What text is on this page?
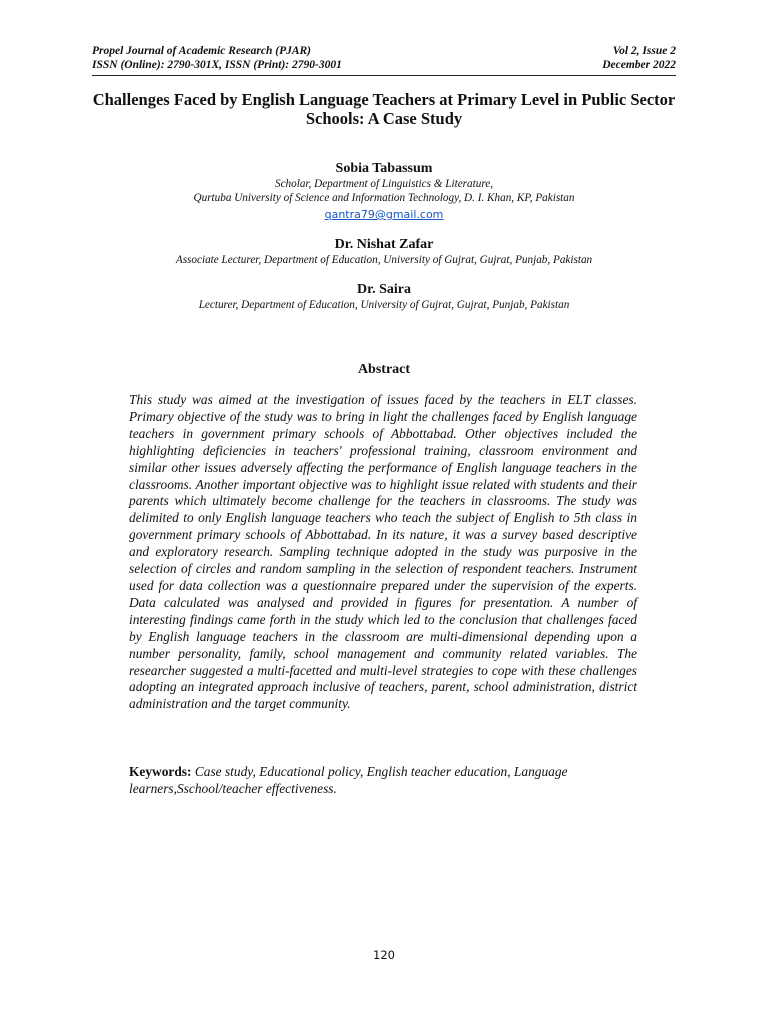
Propel Journal of Academic Research (PJAR)	Vol 2, Issue 2
ISSN (Online): 2790-301X, ISSN (Print): 2790-3001	December 2022
Challenges Faced by English Language Teachers at Primary Level in Public Sector Schools: A Case Study
Sobia Tabassum
Scholar, Department of Linguistics & Literature,
Qurtuba University of Science and Information Technology, D. I. Khan, KP, Pakistan
qantra79@gmail.com
Dr. Nishat Zafar
Associate Lecturer, Department of Education, University of Gujrat, Gujrat, Punjab, Pakistan
Dr. Saira
Lecturer, Department of Education, University of Gujrat, Gujrat, Punjab, Pakistan
Abstract

This study was aimed at the investigation of issues faced by the teachers in ELT classes. Primary objective of the study was to bring in light the challenges faced by English language teachers in government primary schools of Abbottabad. Other objectives included the highlighting deficiencies in teachers' professional training, classroom environment and similar other issues adversely affecting the performance of English language teachers in the classrooms. Another important objective was to highlight issue related with students and their parents which ultimately become challenge for the teachers in classrooms. The study was delimited to only English language teachers who teach the subject of English to 5th class in government primary schools of Abbottabad. In its nature, it was a survey based descriptive and exploratory research. Sampling technique adopted in the study was purposive in the selection of circles and random sampling in the selection of respondent teachers. Instrument used for data collection was a questionnaire prepared under the supervision of the experts. Data calculated was analysed and provided in figures for presentation. A number of interesting findings came forth in the study which led to the conclusion that challenges faced by English language teachers in the classroom are multi-dimensional depending upon a number personality, family, school management and community related variables. The researcher suggested a multi-facetted and multi-level strategies to cope with these challenges adopting an integrated approach inclusive of teachers, parent, school administration, district administration and the target community.

Keywords: Case study, Educational policy, English teacher education, Language learners,Sschool/teacher effectiveness.

120
